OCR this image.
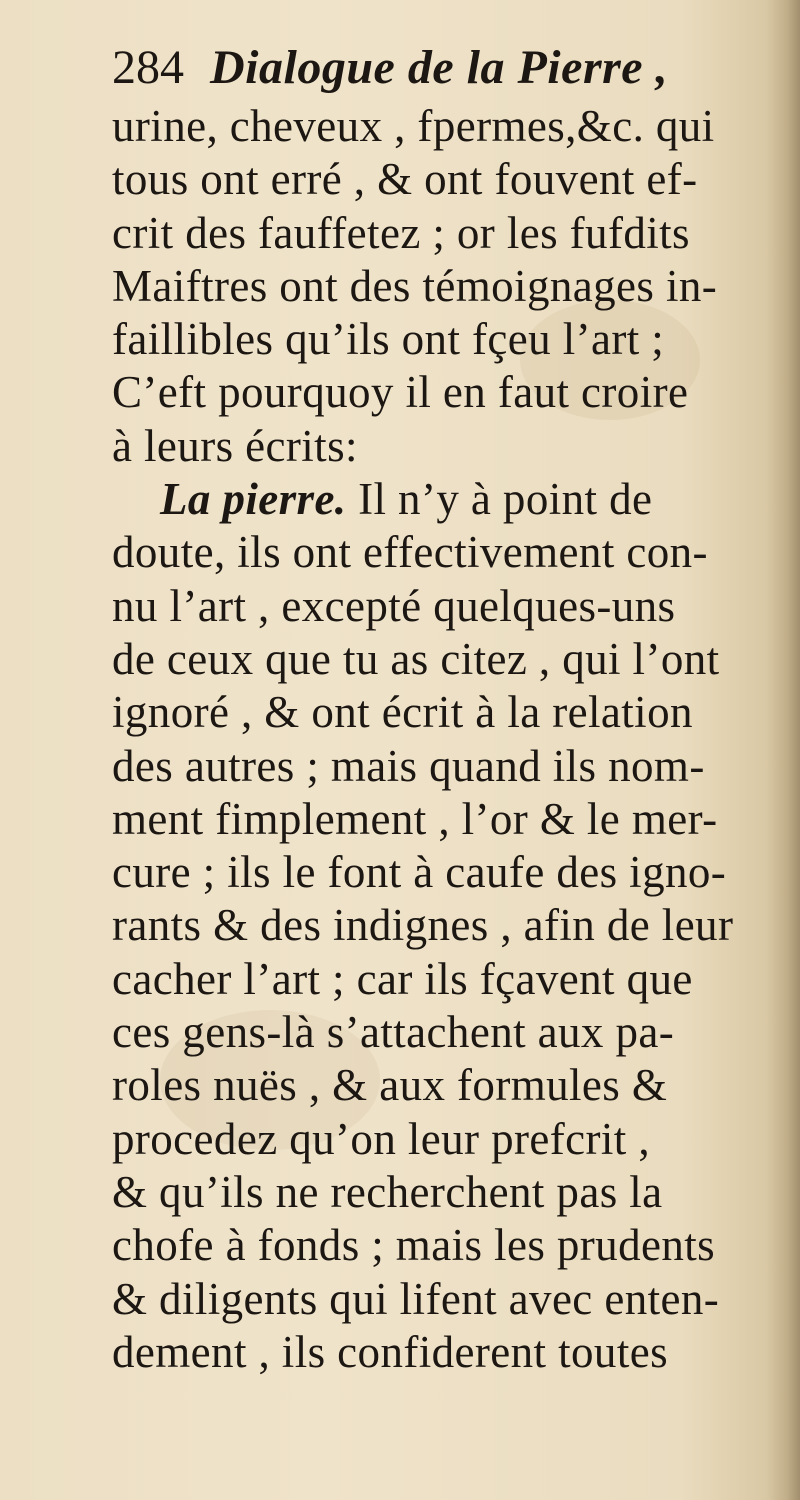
284 Dialogue de la Pierre ,
urine, cheveux , fpermes,&c. qui
tous ont erré , & ont fouvent ef-
crit des fauffetez ; or les fufdits
Maiftres ont des témoignages in-
faillibles qu’ils ont fçeu l’art ;
C’eft pourquoy il en faut croire
à leurs écrits:
La pierre. Il n’y à point de
doute, ils ont effectivement con-
nu l’art , excepté quelques-uns
de ceux que tu as citez , qui l’ont
ignoré , & ont écrit à la relation
des autres ; mais quand ils nom-
ment fimplement , l’or & le mer-
cure ; ils le font à caufe des igno-
rants & des indignes , afin de leur
cacher l’art ; car ils fçavent que
ces gens-là s’attachent aux pa-
roles nuës , & aux formules &
procedez qu’on leur prefcrit ,
& qu’ils ne recherchent pas la
chofe à fonds ; mais les prudents
& diligents qui lifent avec enten-
dement , ils confiderent toutes
